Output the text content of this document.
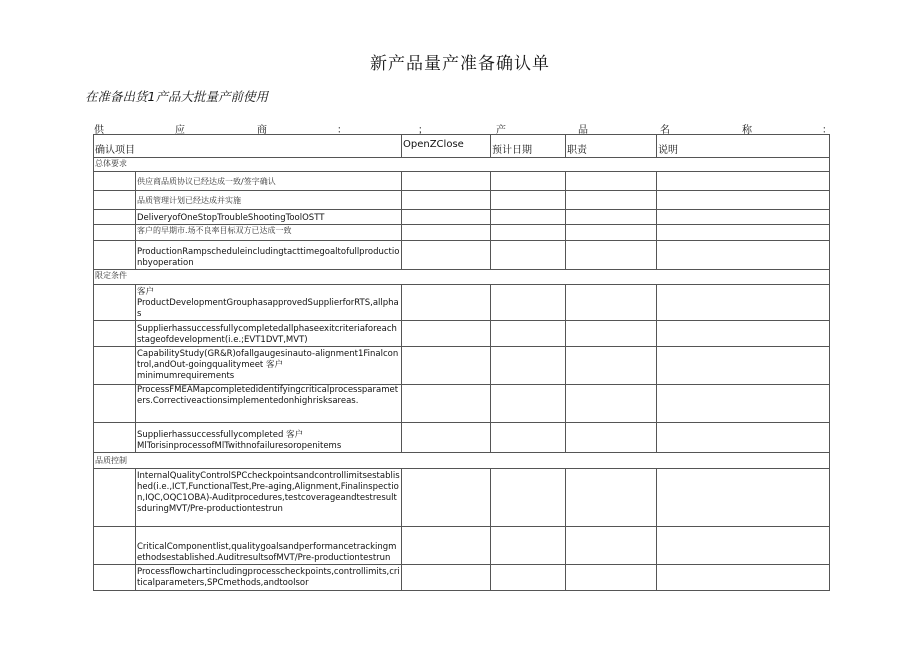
新产品量产准备确认单
在准备出货1产品大批量产前使用
供	应	商	：	；	产	品	名	称	：
确认项目		OpenZClose	预计日期	职责	说明
总体要求					
	供应商品质协议已经达成一致/签字确认				
	品质管理计划已经达成并实施				
	DeliveryofOneStopTroubleShootingToolOSTT				
	客户的早期市.场不良率目标双方已达成一致				
	ProductionRampscheduleincludingtacttimegoaltofullproductionbyoperation				
限定条件					
	客户
ProductDevelopmentGrouphasapprovedSupplierforRTS,allphas				
	Supplierhassuccessfullycompletedallphaseexitcriteriaforeachstageofdevelopment(i.e.;EVT1DVT,MVT)				
	CapabilityStudy(GR&R)ofallgaugesinauto-alignment1Finalcontrol,andOut-goingqualitymeet 客户
minimumrequirements				
	ProcessFMEAMapcompletedidentifyingcriticalprocessparameters.Correctiveactionsimplementedonhighrisksareas.				
	Supplierhassuccessfullycompleted 客户
MlTorisinprocessofMlTwithnofailuresoropenitems				
品质控制					
	InternalQualityControlSPCcheckpointsandcontrollimitsestablished(i.e.,ICT,FunctionalTest,Pre-aging,Alignment,Finalinspection,IQC,OQC1OBA)-Auditprocedures,testcoverageandtestresultsduringMVT/Pre-productiontestrun				
	CriticalComponentlist,qualitygoalsandperformancetrackingmethodsestablished.AuditresultsofMVT/Pre-productiontestrun				
	Processflowchartincludingprocesscheckpoints,controllimits,criticalparameters,SPCmethods,andtoolsor				
